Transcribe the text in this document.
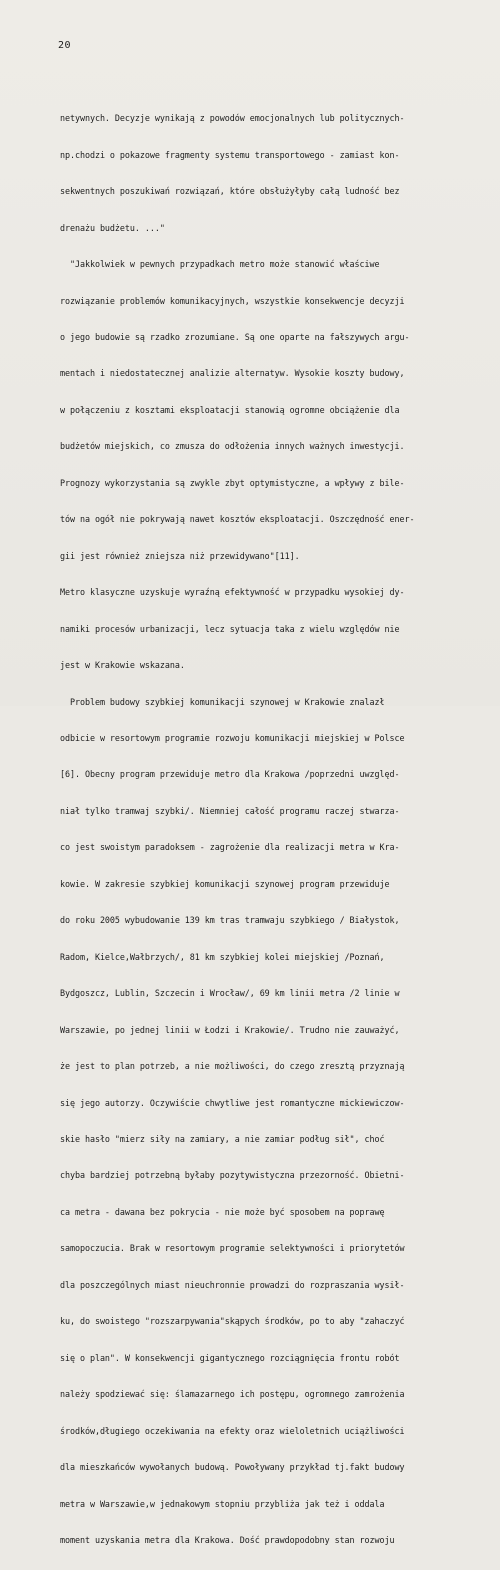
20

netywnych. Decyzje wynikają z powodów emocjonalnych lub politycznych-

np.chodzi o pokazowe fragmenty systemu transportowego - zamiast kon-

sekwentnych poszukiwań rozwiązań, które obsłużyłyby całą ludność bez

drenażu budżetu. ..."

"Jakkolwiek w pewnych przypadkach metro może stanowić właściwe

rozwiązanie problemów komunikacyjnych, wszystkie konsekwencje decyzji

o jego budowie są rzadko zrozumiane. Są one oparte na fałszywych argu-

mentach i niedostatecznej analizie alternatyw. Wysokie koszty budowy,

w połączeniu z kosztami eksploatacji stanowią ogromne obciążenie dla

budżetów miejskich, co zmusza do odłożenia innych ważnych inwestycji.

Prognozy wykorzystania są zwykle zbyt optymistyczne, a wpływy z bile-

tów na ogół nie pokrywają nawet kosztów eksploatacji. Oszczędność ener-

gii jest również zniejsza niż przewidywano"[11].

Metro klasyczne uzyskuje wyraźną efektywność w przypadku wysokiej dy-

namiki procesów urbanizacji, lecz sytuacja taka z wielu względów nie

jest w Krakowie wskazana.

Problem budowy szybkiej komunikacji szynowej w Krakowie znalazł

odbicie w resortowym programie rozwoju komunikacji miejskiej w Polsce

[6]. Obecny program przewiduje metro dla Krakowa /poprzedni uwzględ-

niał tylko tramwaj szybki/. Niemniej całość programu raczej stwarza-

co jest swoistym paradoksem - zagrożenie dla realizacji metra w Kra-

kowie. W zakresie szybkiej komunikacji szynowej program przewiduje

do roku 2005 wybudowanie 139 km tras tramwaju szybkiego / Białystok,

Radom, Kielce,Wałbrzych/, 81 km szybkiej kolei miejskiej /Poznań,

Bydgoszcz, Lublin, Szczecin i Wrocław/, 69 km linii metra /2 linie w

Warszawie, po jednej linii w Łodzi i Krakowie/. Trudno nie zauważyć,

że jest to plan potrzeb, a nie możliwości, do czego zresztą przyznają

się jego autorzy. Oczywiście chwytliwe jest romantyczne mickiewiczow-

skie hasło "mierz siły na zamiary, a nie zamiar podług sił", choć

chyba bardziej potrzebną byłaby pozytywistyczna przezorność. Obietni-

ca metra - dawana bez pokrycia - nie może być sposobem na poprawę

samopoczucia. Brak w resortowym programie selektywności i priorytetów

dla poszczególnych miast nieuchronnie prowadzi do rozpraszania wysił-

ku, do swoistego "rozszarpywania"skąpych środków, po to aby "zahaczyć

się o plan". W konsekwencji gigantycznego rozciągnięcia frontu robót

należy spodziewać się: ślamazarnego ich postępu, ogromnego zamrożenia

środków,długiego oczekiwania na efekty oraz wieloletnich uciążliwości

dla mieszkańców wywołanych budową. Powoływany przykład tj.fakt budowy

metra w Warszawie,w jednakowym stopniu przybliża jak też i oddala

moment uzyskania metra dla Krakowa. Dość prawdopodobny stan rozwoju
